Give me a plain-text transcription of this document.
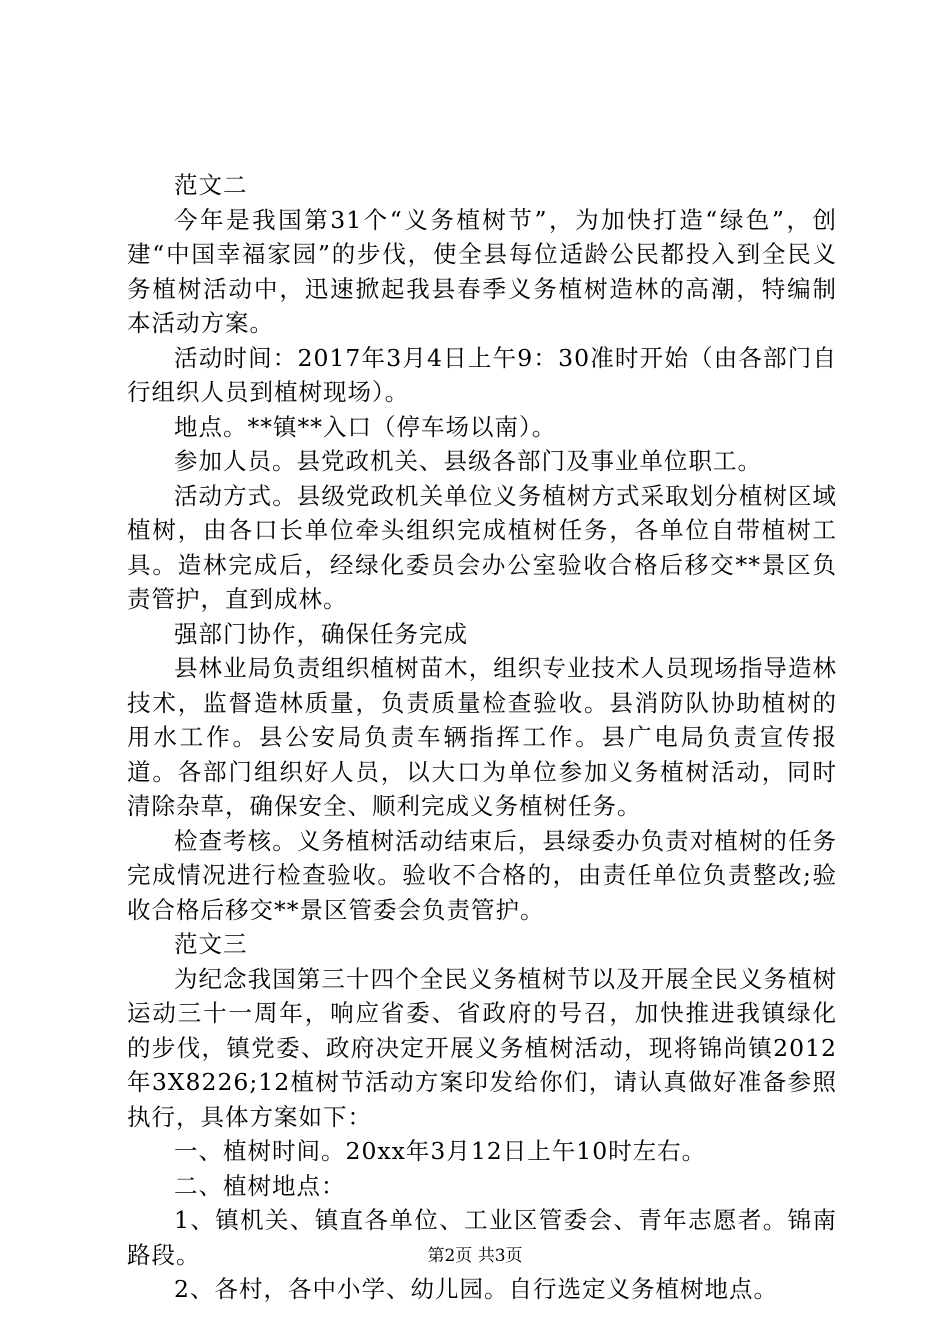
范文二

今年是我国第31个“义务植树节”，为加快打造“绿色”，创建“中国幸福家园”的步伐，使全县每位适龄公民都投入到全民义务植树活动中，迅速掀起我县春季义务植树造林的高潮，特编制本活动方案。

活动时间：2017年3月4日上午9：30准时开始（由各部门自行组织人员到植树现场）。

地点。**镇**入口（停车场以南）。

参加人员。县党政机关、县级各部门及事业单位职工。

活动方式。县级党政机关单位义务植树方式采取划分植树区域植树，由各口长单位牵头组织完成植树任务，各单位自带植树工具。造林完成后，经绿化委员会办公室验收合格后移交**景区负责管护，直到成林。

强部门协作，确保任务完成

县林业局负责组织植树苗木，组织专业技术人员现场指导造林技术，监督造林质量，负责质量检查验收。县消防队协助植树的用水工作。县公安局负责车辆指挥工作。县广电局负责宣传报道。各部门组织好人员，以大口为单位参加义务植树活动，同时清除杂草，确保安全、顺利完成义务植树任务。

检查考核。义务植树活动结束后，县绿委办负责对植树的任务完成情况进行检查验收。验收不合格的，由责任单位负责整改;验收合格后移交**景区管委会负责管护。

范文三

为纪念我国第三十四个全民义务植树节以及开展全民义务植树运动三十一周年，响应省委、省政府的号召，加快推进我镇绿化的步伐，镇党委、政府决定开展义务植树活动，现将锦尚镇2012年3X8226;12植树节活动方案印发给你们，请认真做好准备参照执行，具体方案如下：

一、植树时间。20xx年3月12日上午10时左右。

二、植树地点：

1、镇机关、镇直各单位、工业区管委会、青年志愿者。锦南路段。

2、各村，各中小学、幼儿园。自行选定义务植树地点。

第2页 共3页
